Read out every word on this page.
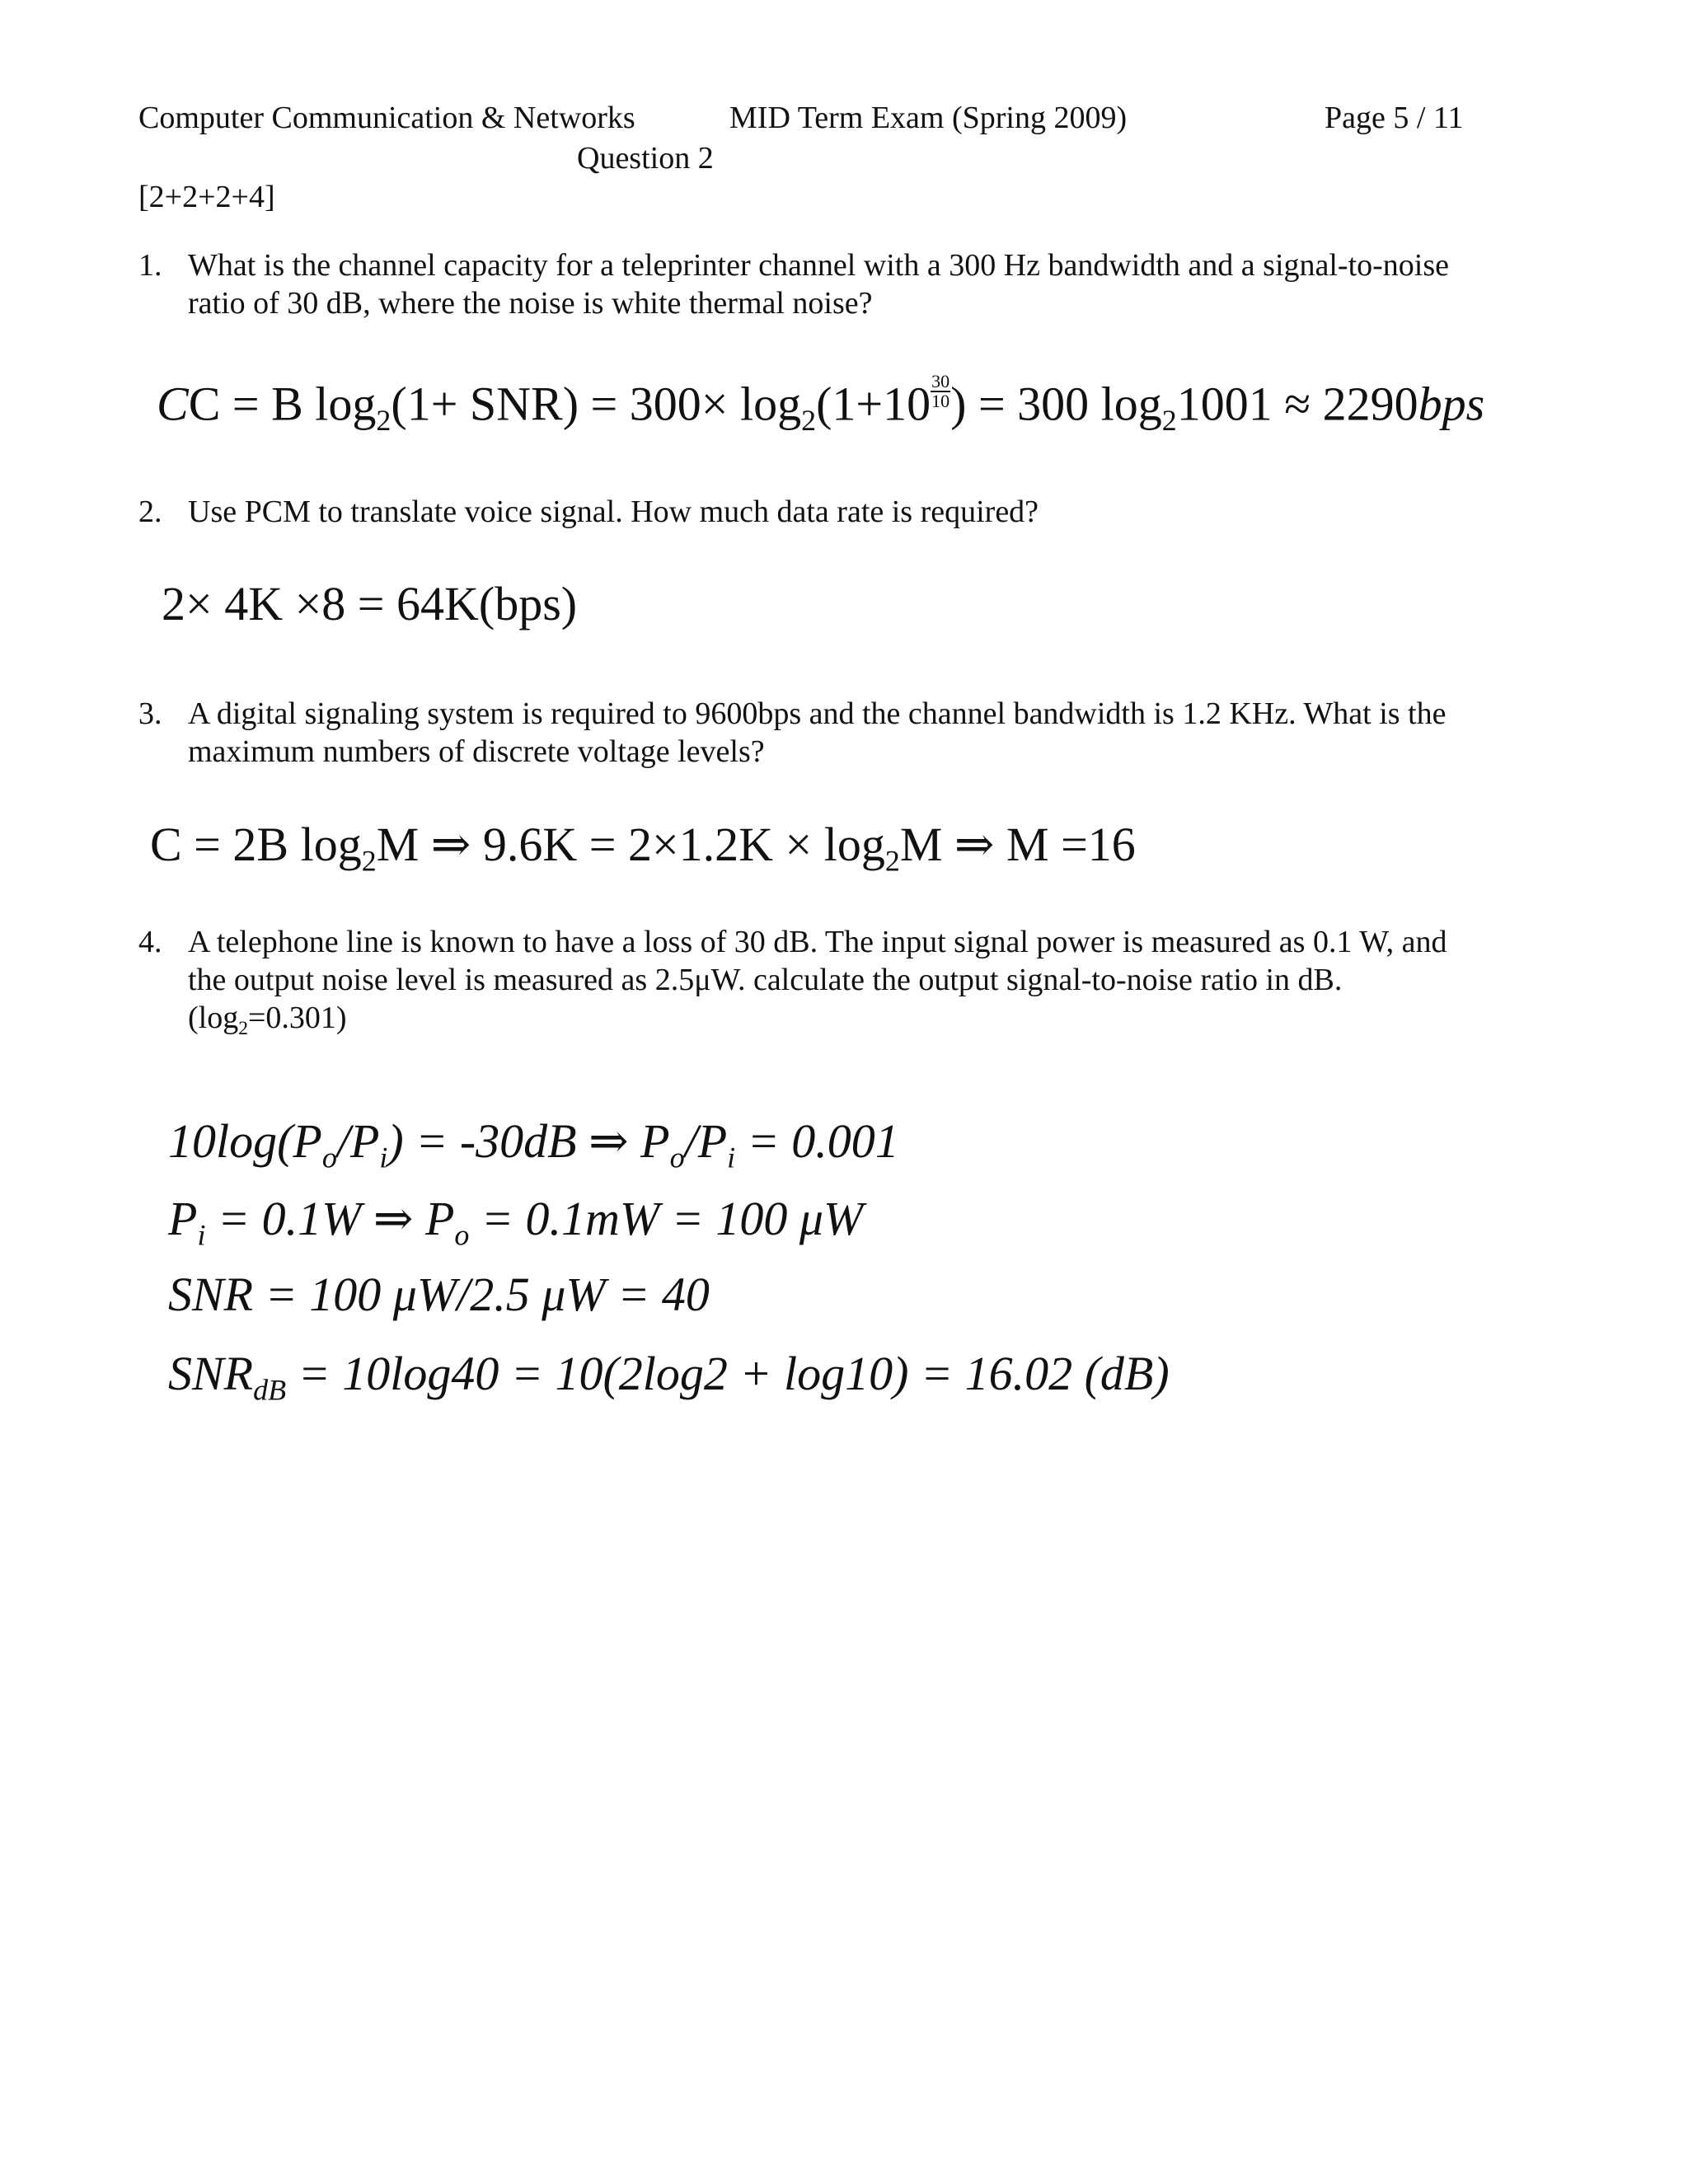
Computer Communication & Networks	MID Term Exam (Spring 2009)	Page 5 / 11
Question 2
[2+2+2+4]
1. What is the channel capacity for a teleprinter channel with a 300 Hz bandwidth and a signal-to-noise
ratio of 30 dB, where the noise is white thermal noise?
CC = B $\log_2(1+ SNR) = 300\times \log_2(1+10 \frac{30}{10}$ ) = 300 $\log_21001 \approx 2290bps$
2. Use PCM to translate voice signal. How much data rate is required?
2× 4K ×8 = 64K(bps)
3. A digital signaling system is required to 9600bps and the channel bandwidth is 1.2 KHz. What is the
maximum numbers of discrete voltage levels?
C = 2B $\log_2M$ ⇒ $9.6K = 2\times 1.2K \times \log_2M$ ⇒ M =16
4. A telephone line is known to have a loss of 30 dB. The input signal power is measured as 0.1 W, and
the output noise level is measured as 2.5μW. calculate the output signal-to-noise ratio in dB.
$(\log_2=0.301)$
$10\log(P_o/P_i) = -30dB$ ⇒ $P_o/P_i = 0.001$
$P_i = 0.1W$ ⇒ $P_o = 0.1mW = 100$ μW
SNR = 100 μW/2.5 μW = 40
$SNR_{dB} = 10\log 40 = 10(2\log 2 + \log 10) = 16.02$ (dB)
